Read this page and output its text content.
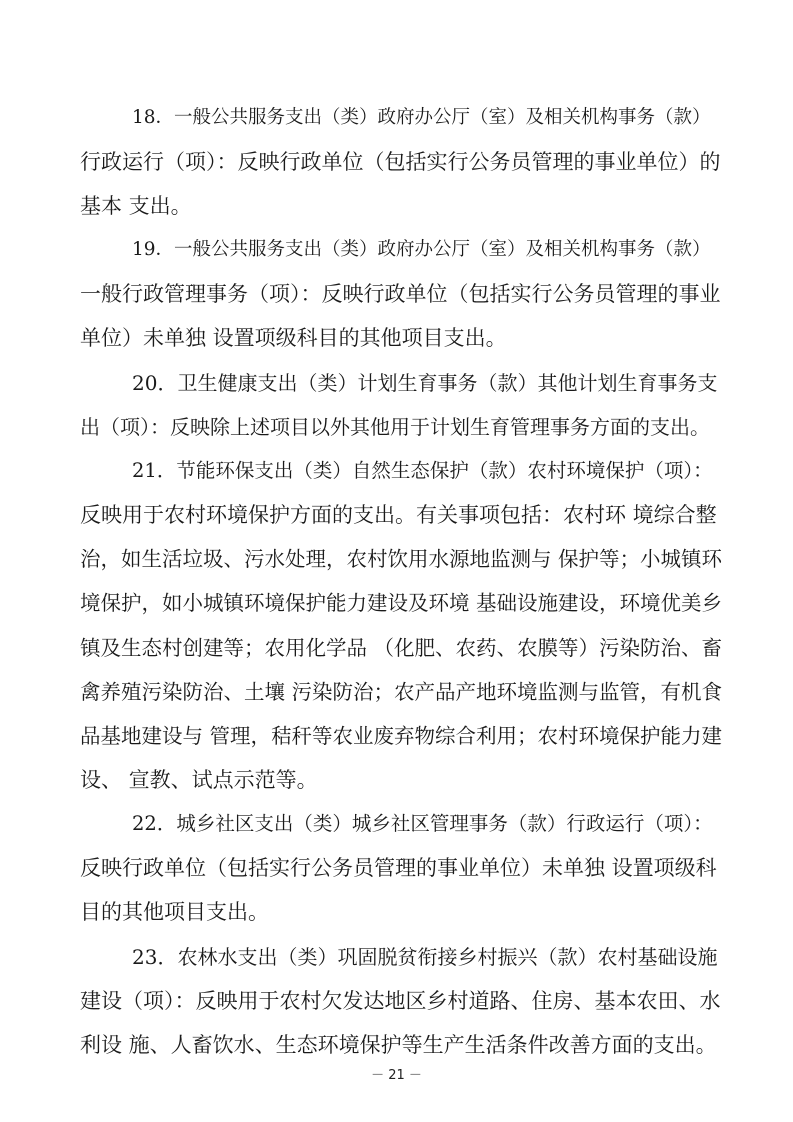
18．一般公共服务支出（类）政府办公厅（室）及相关机构事务（款）

行政运行（项）：反映行政单位（包括实行公务员管理的事业单位）的

基本 支出。

19．一般公共服务支出（类）政府办公厅（室）及相关机构事务（款）

一般行政管理事务（项）：反映行政单位（包括实行公务员管理的事业

单位）未单独 设置项级科目的其他项目支出。

20．卫生健康支出（类）计划生育事务（款）其他计划生育事务支

出（项）：反映除上述项目以外其他用于计划生育管理事务方面的支出。

21．节能环保支出（类）自然生态保护（款）农村环境保护（项）：

反映用于农村环境保护方面的支出。有关事项包括：农村环 境综合整

治，如生活垃圾、污水处理，农村饮用水源地监测与 保护等；小城镇环

境保护，如小城镇环境保护能力建设及环境 基础设施建设，环境优美乡

镇及生态村创建等；农用化学品 （化肥、农药、农膜等）污染防治、畜

禽养殖污染防治、土壤 污染防治；农产品产地环境监测与监管，有机食

品基地建设与 管理，秸秆等农业废弃物综合利用；农村环境保护能力建

设、 宣教、试点示范等。

22．城乡社区支出（类）城乡社区管理事务（款）行政运行（项）：

反映行政单位（包括实行公务员管理的事业单位）未单独 设置项级科

目的其他项目支出。

23．农林水支出（类）巩固脱贫衔接乡村振兴（款）农村基础设施

建设（项）：反映用于农村欠发达地区乡村道路、住房、基本农田、水

利设 施、人畜饮水、生态环境保护等生产生活条件改善方面的支出。

－ 21 －
